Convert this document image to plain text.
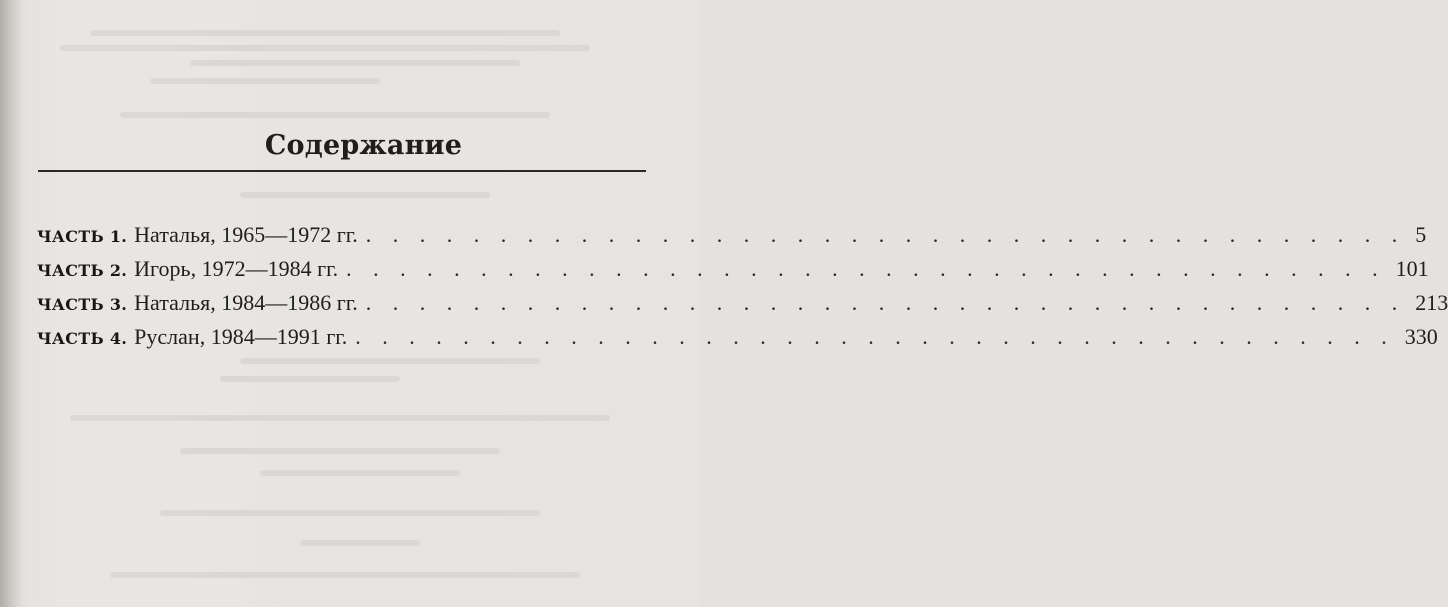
Содержание
ЧАСТЬ 1. Наталья, 1965—1972 гг. . . . . . . . . . . . . . . . . . . . . . . . . . . . . . . . . . . . . . . . 5
ЧАСТЬ 2. Игорь, 1972—1984 гг. . . . . . . . . . . . . . . . . . . . . . . . . . . . . . . . . . . . . . . . 101
ЧАСТЬ 3. Наталья, 1984—1986 гг. . . . . . . . . . . . . . . . . . . . . . . . . . . . . . . . . . . . . . . . 213
ЧАСТЬ 4. Руслан, 1984—1991 гг. . . . . . . . . . . . . . . . . . . . . . . . . . . . . . . . . . . . . . . . 330
